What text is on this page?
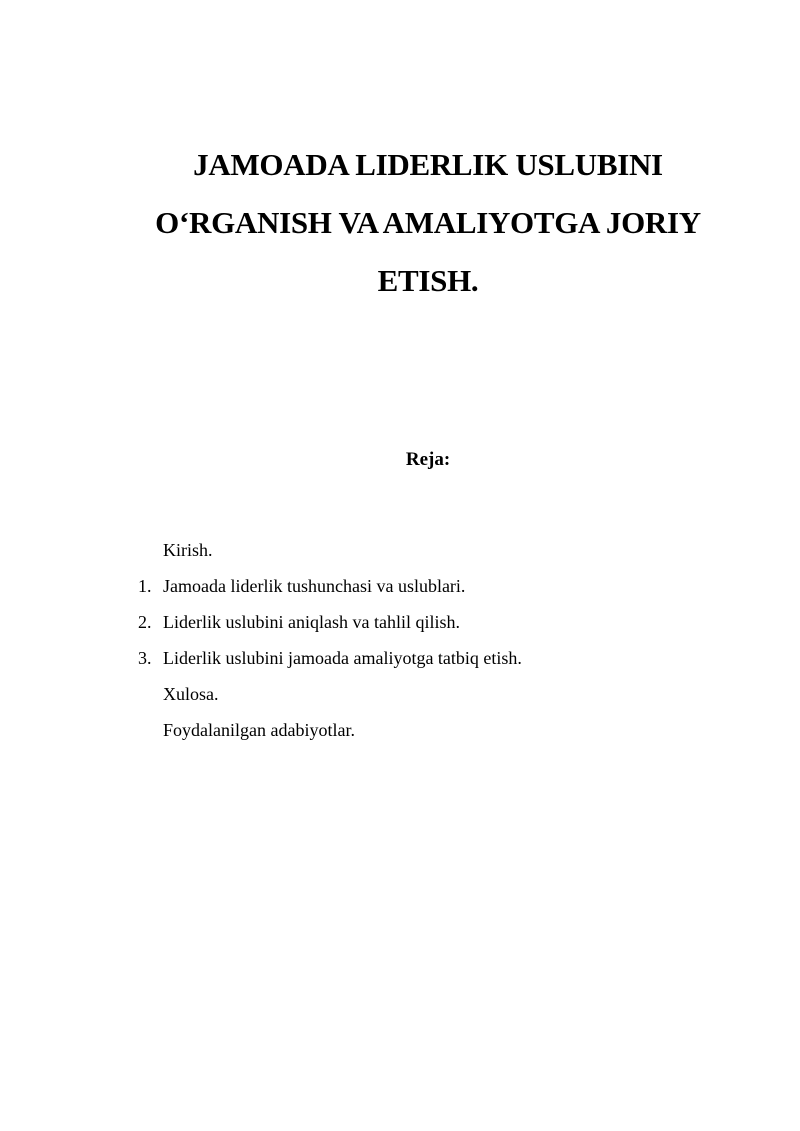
JAMOADA LIDERLIK USLUBINI
O‘RGANISH VA AMALIYOTGA JORIY
ETISH.
Reja:
Kirish.
1. Jamoada liderlik tushunchasi va uslublari.
2. Liderlik uslubini aniqlash va tahlil qilish.
3. Liderlik uslubini jamoada amaliyotga tatbiq etish.
Xulosa.
Foydalanilgan adabiyotlar.
